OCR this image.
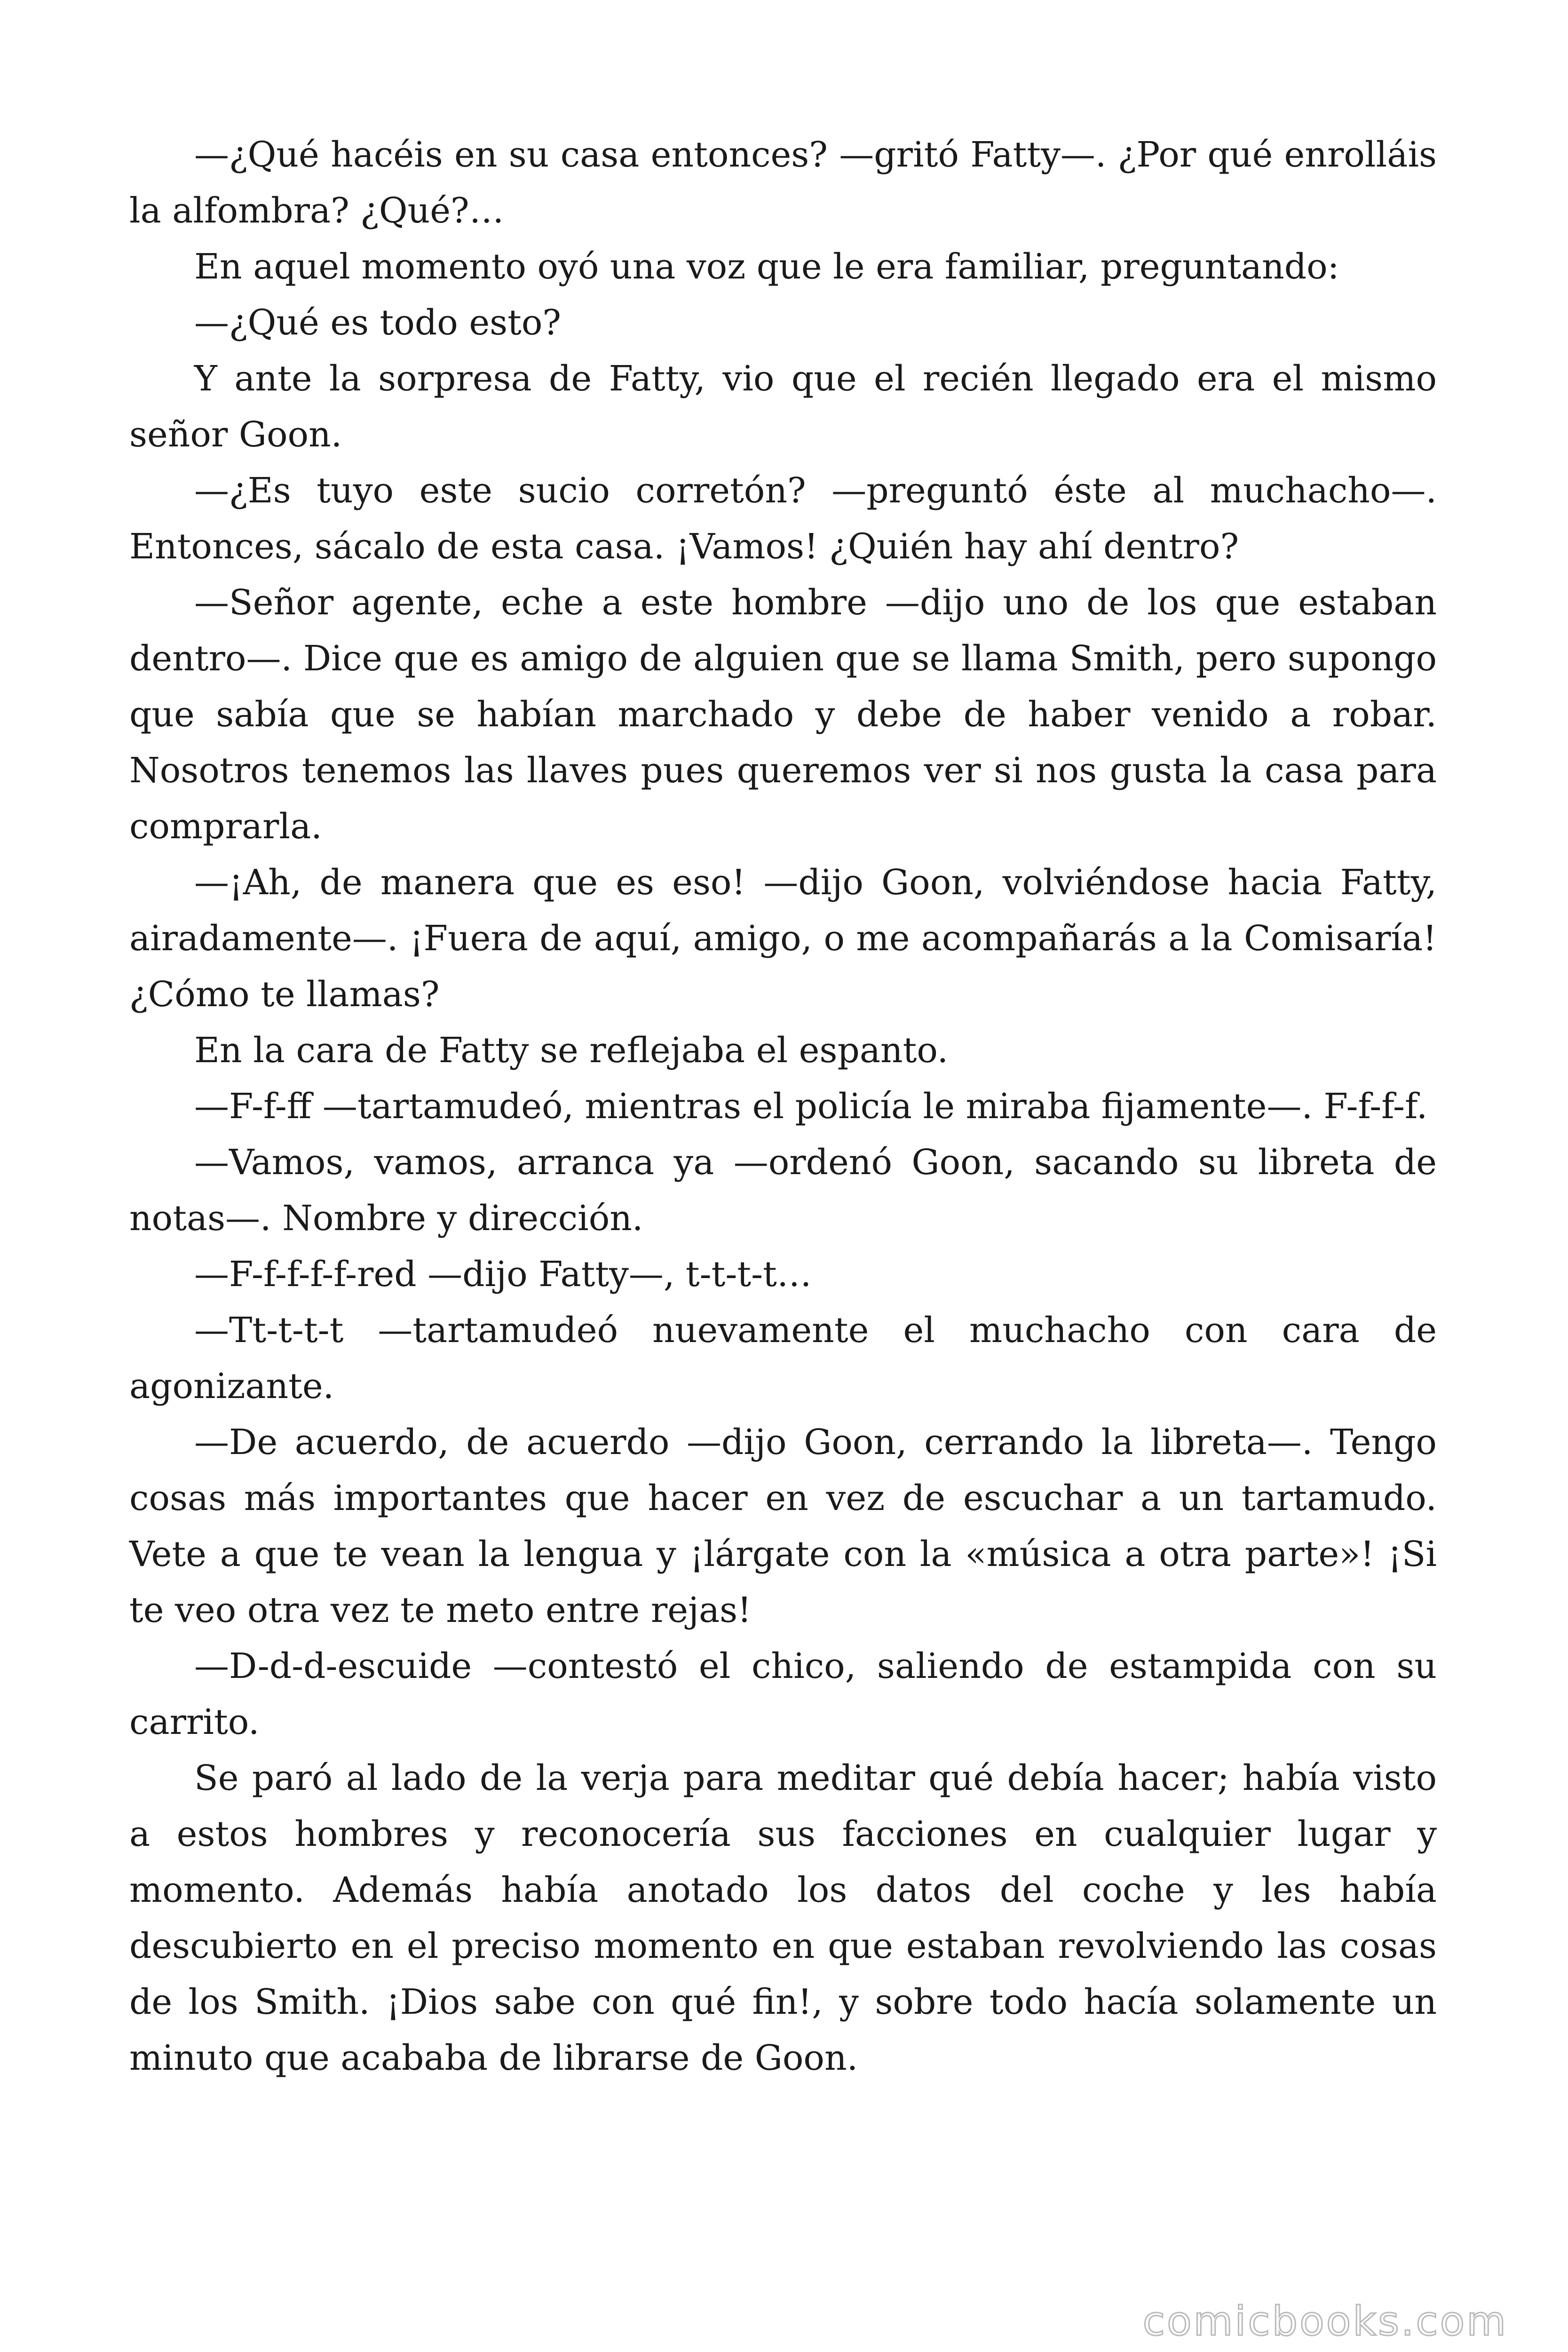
—¿Qué hacéis en su casa entonces? —gritó Fatty—. ¿Por qué enrolláis la alfombra? ¿Qué?…

En aquel momento oyó una voz que le era familiar, preguntando:

—¿Qué es todo esto?

Y ante la sorpresa de Fatty, vio que el recién llegado era el mismo señor Goon.

—¿Es tuyo este sucio corretón? —preguntó éste al muchacho—. Entonces, sácalo de esta casa. ¡Vamos! ¿Quién hay ahí dentro?

—Señor agente, eche a este hombre —dijo uno de los que estaban dentro—. Dice que es amigo de alguien que se llama Smith, pero supongo que sabía que se habían marchado y debe de haber venido a robar. Nosotros tenemos las llaves pues queremos ver si nos gusta la casa para comprarla.

—¡Ah, de manera que es eso! —dijo Goon, volviéndose hacia Fatty, airadamente—. ¡Fuera de aquí, amigo, o me acompañarás a la Comisaría! ¿Cómo te llamas?

En la cara de Fatty se reflejaba el espanto.

—F-f-ff —tartamudeó, mientras el policía le miraba fijamente—. F-f-f-f.

—Vamos, vamos, arranca ya —ordenó Goon, sacando su libreta de notas—. Nombre y dirección.

—F-f-f-f-f-red —dijo Fatty—, t-t-t-t…

—Tt-t-t-t —tartamudeó nuevamente el muchacho con cara de agonizante.

—De acuerdo, de acuerdo —dijo Goon, cerrando la libreta—. Tengo cosas más importantes que hacer en vez de escuchar a un tartamudo. Vete a que te vean la lengua y ¡lárgate con la «música a otra parte»! ¡Si te veo otra vez te meto entre rejas!

—D-d-d-escuide —contestó el chico, saliendo de estampida con su carrito.

Se paró al lado de la verja para meditar qué debía hacer; había visto a estos hombres y reconocería sus facciones en cualquier lugar y momento. Además había anotado los datos del coche y les había descubierto en el preciso momento en que estaban revolviendo las cosas de los Smith. ¡Dios sabe con qué fin!, y sobre todo hacía solamente un minuto que acababa de librarse de Goon.

comicbooks.com
